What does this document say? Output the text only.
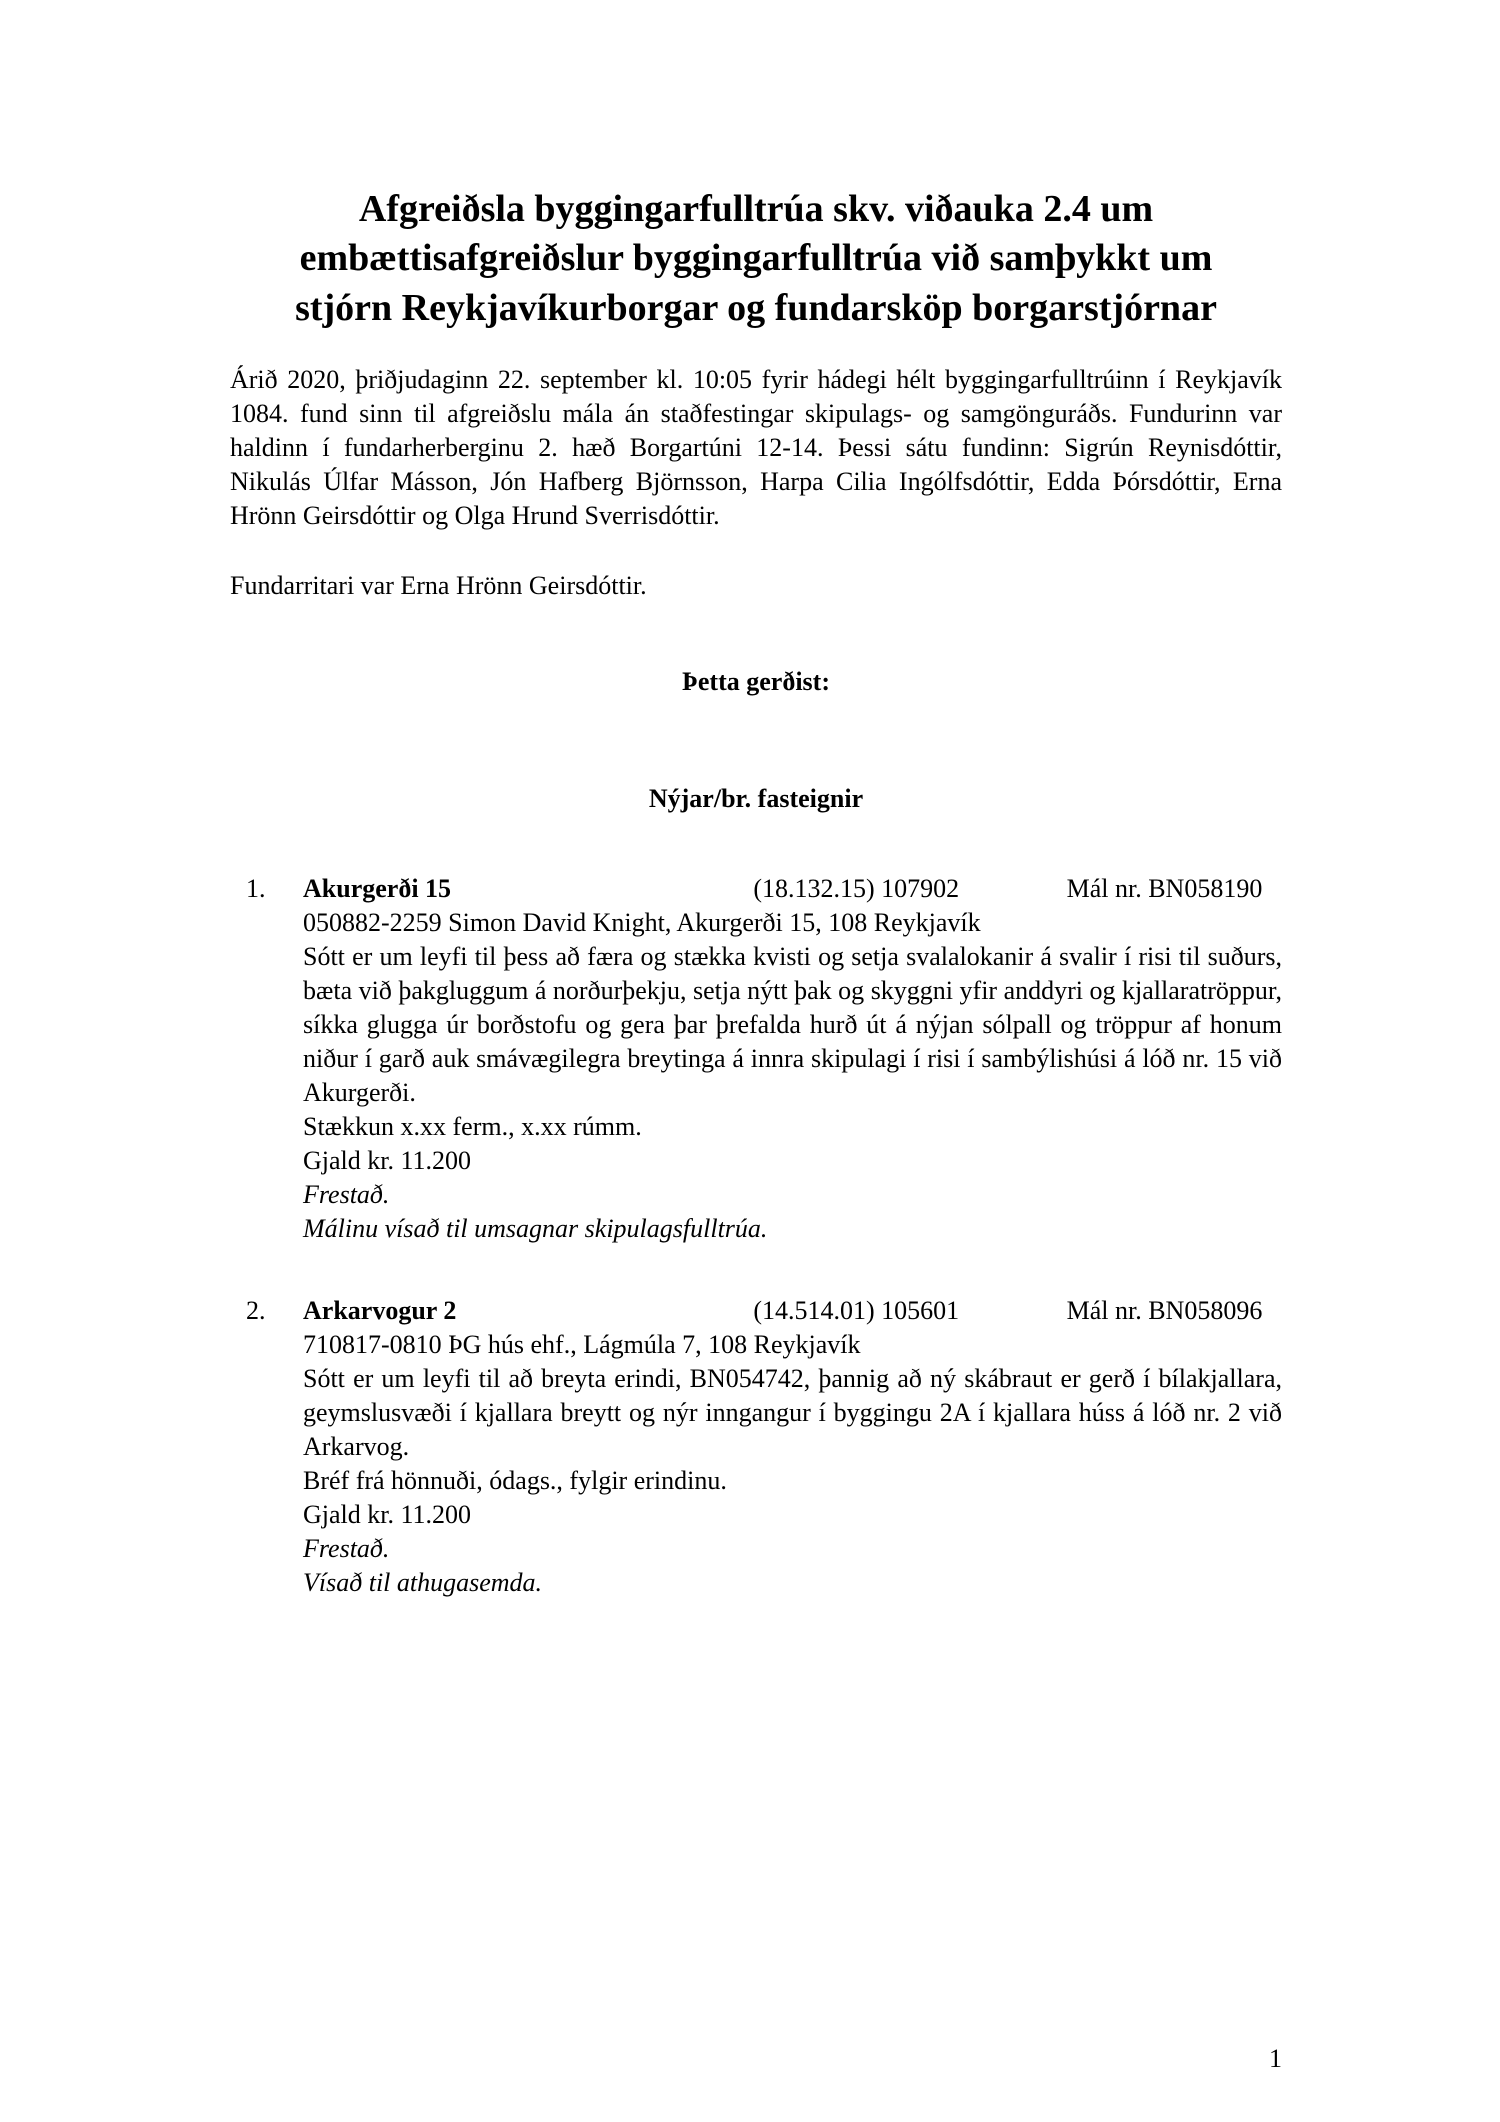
Afgreiðsla byggingarfulltrúa skv. viðauka 2.4 um
embættisafgreiðslur byggingarfulltrúa við samþykkt um
stjórn Reykjavíkurborgar og fundarsköp borgarstjórnar
Árið 2020, þriðjudaginn 22. september kl. 10:05 fyrir hádegi hélt byggingarfulltrúinn í Reykjavík 1084. fund sinn til afgreiðslu mála án staðfestingar skipulags- og samgönguráðs. Fundurinn var haldinn í fundarherberginu 2. hæð Borgartúni 12-14. Þessi sátu fundinn: Sigrún Reynisdóttir, Nikulás Úlfar Másson, Jón Hafberg Björnsson, Harpa Cilia Ingólfsdóttir, Edda Þórsdóttir, Erna Hrönn Geirsdóttir og Olga Hrund Sverrisdóttir.
Fundarritari var Erna Hrönn Geirsdóttir.
Þetta gerðist:
Nýjar/br. fasteignir
1.	Akurgerði 15	(18.132.15) 107902	Mál nr. BN058190
050882-2259 Simon David Knight, Akurgerði 15, 108 Reykjavík
Sótt er um leyfi til þess að færa og stækka kvisti og setja svalalokanir á svalir í risi til suðurs, bæta við þakgluggum á norðurþekju, setja nýtt þak og skyggni yfir anddyri og kjallaratröppur, síkka glugga úr borðstofu og gera þar þrefalda hurð út á nýjan sólpall og tröppur af honum niður í garð auk smávægilegra breytinga á innra skipulagi í risi í sambýlishúsi á lóð nr. 15 við Akurgerði.
Stækkun x.xx ferm., x.xx rúmm.
Gjald kr. 11.200
Frestað.
Málinu vísað til umsagnar skipulagsfulltrúa.
2.	Arkarvogur 2	(14.514.01) 105601	Mál nr. BN058096
710817-0810 ÞG hús ehf., Lágmúla 7, 108 Reykjavík
Sótt er um leyfi til að breyta erindi, BN054742, þannig að ný skábraut er gerð í bílakjallara, geymslusvæði í kjallara breytt og nýr inngangur í byggingu 2A í kjallara húss á lóð nr. 2 við Arkarvog.
Bréf frá hönnuði, ódags., fylgir erindinu.
Gjald kr. 11.200
Frestað.
Vísað til athugasemda.
1
